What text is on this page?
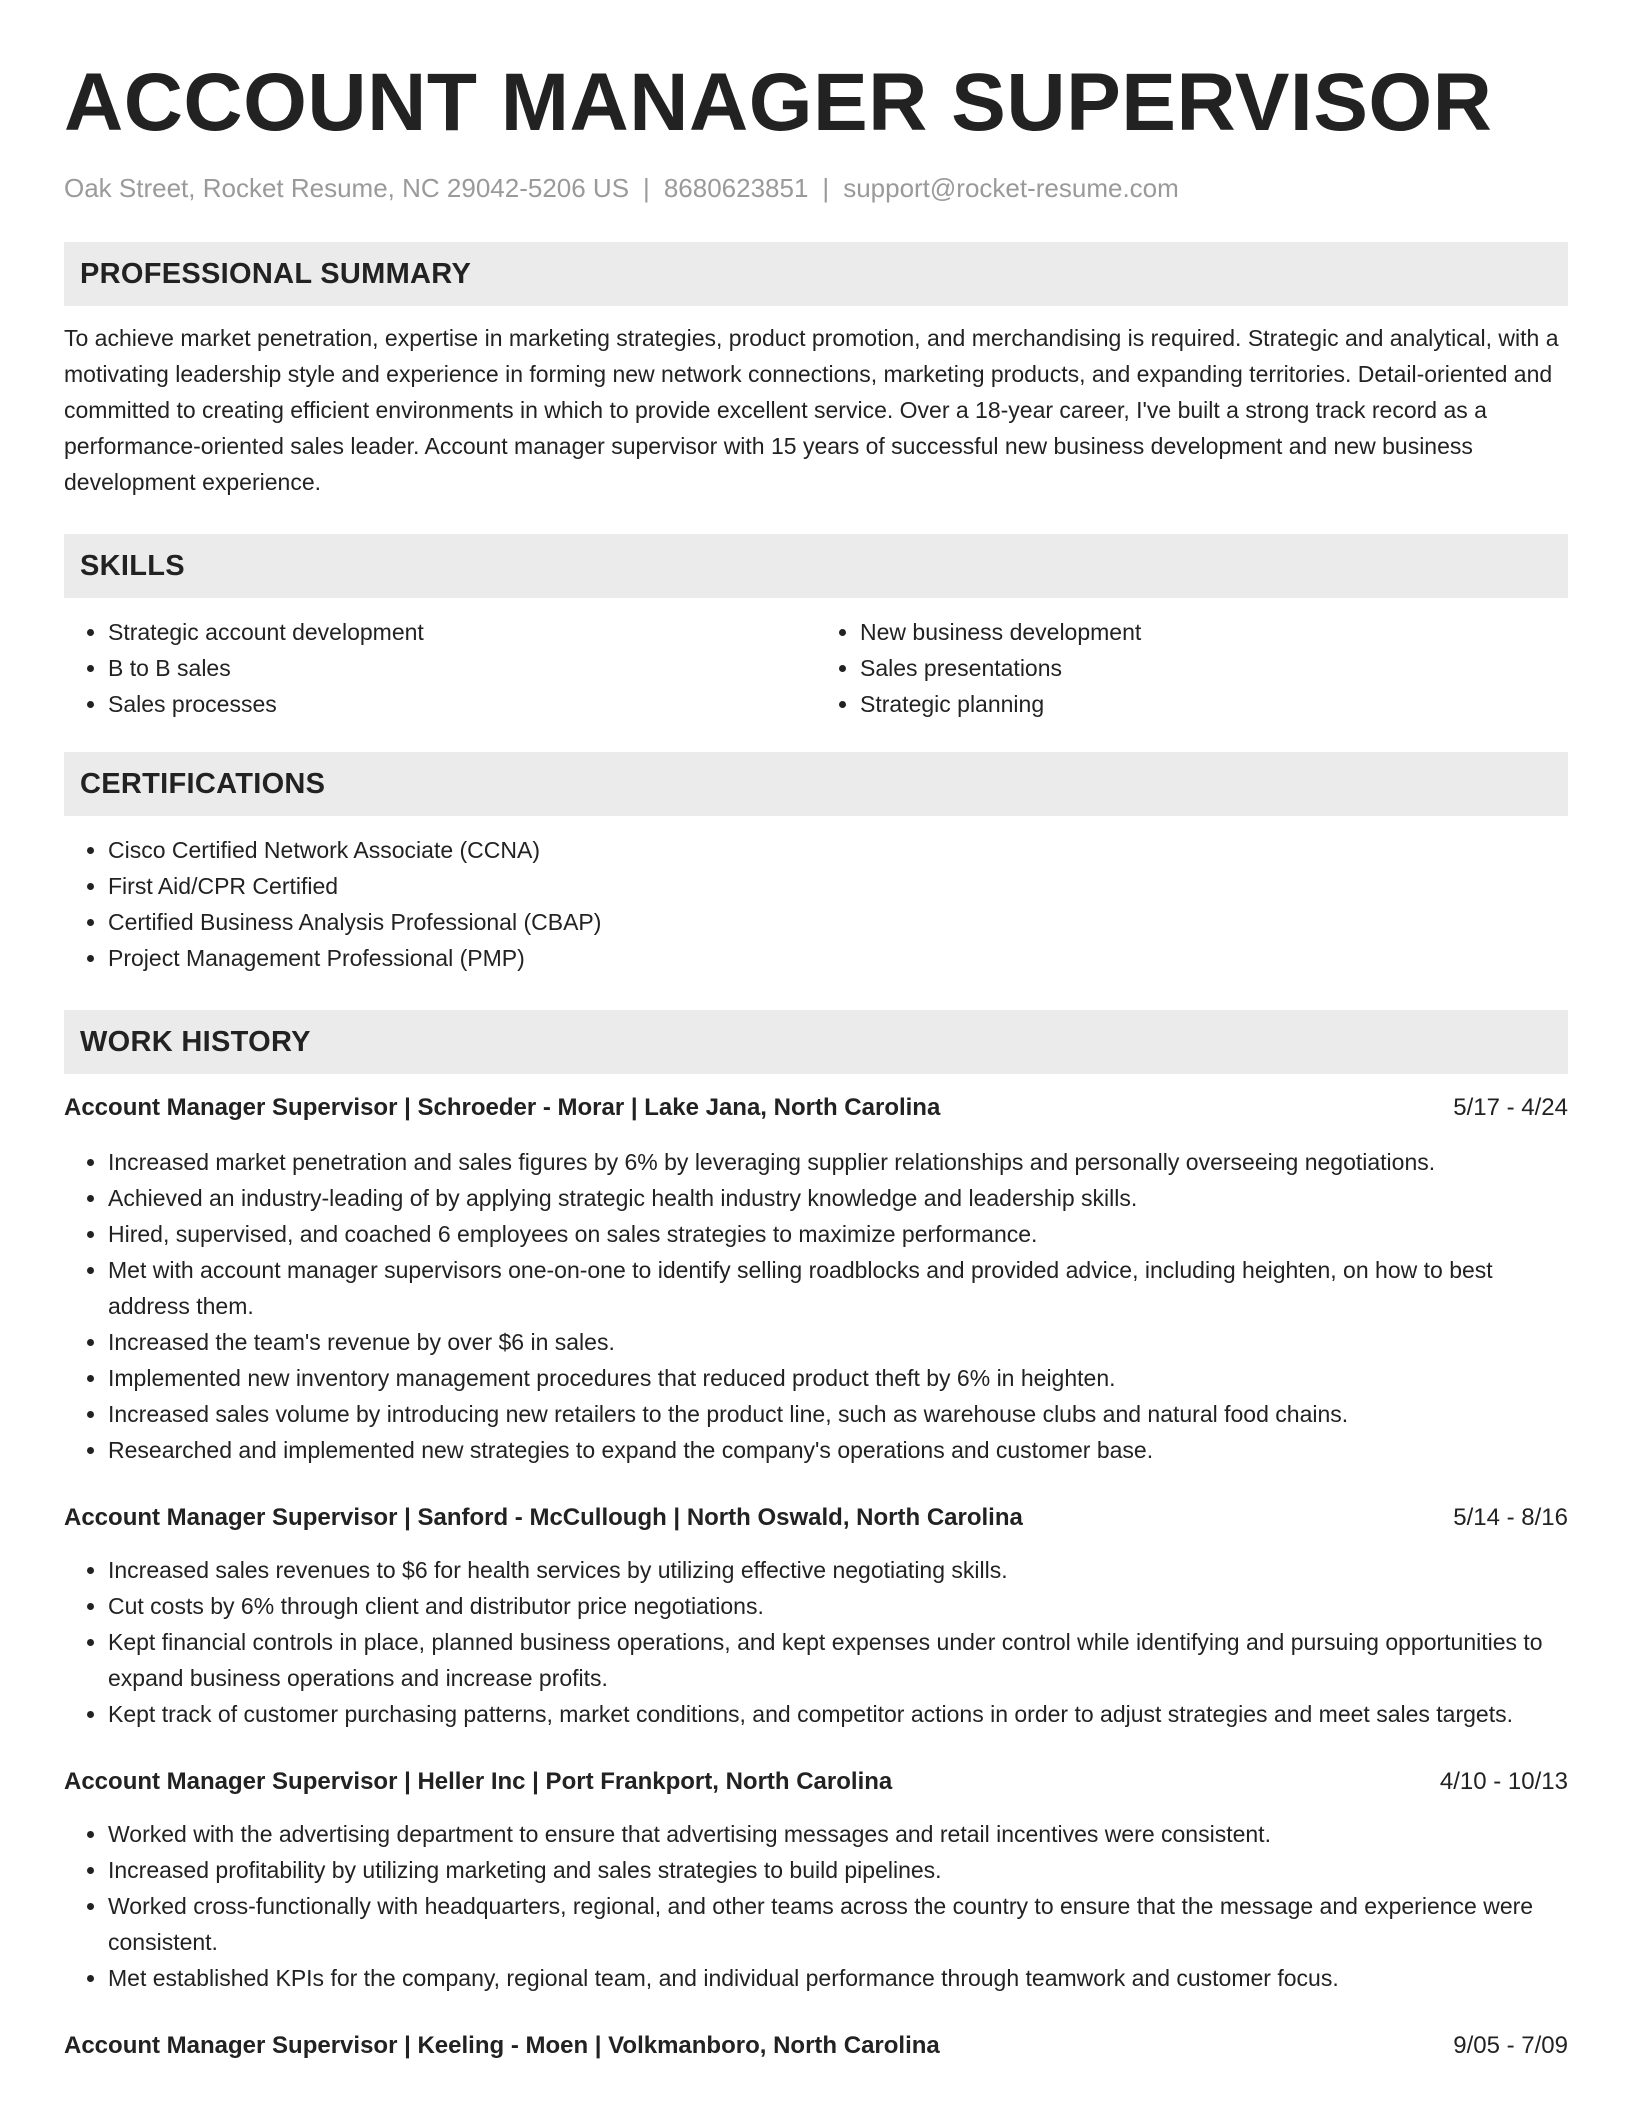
ACCOUNT MANAGER SUPERVISOR
Oak Street, Rocket Resume, NC 29042-5206 US | 8680623851 | support@rocket-resume.com
PROFESSIONAL SUMMARY

To achieve market penetration, expertise in marketing strategies, product promotion, and merchandising is required. Strategic and analytical, with a motivating leadership style and experience in forming new network connections, marketing products, and expanding territories. Detail-oriented and committed to creating efficient environments in which to provide excellent service. Over a 18-year career, I've built a strong track record as a performance-oriented sales leader. Account manager supervisor with 15 years of successful new business development and new business development experience.

SKILLS
• Strategic account development
• B to B sales
• Sales processes
• New business development
• Sales presentations
• Strategic planning
CERTIFICATIONS
• Cisco Certified Network Associate (CCNA)
• First Aid/CPR Certified
• Certified Business Analysis Professional (CBAP)
• Project Management Professional (PMP)
WORK HISTORY
Account Manager Supervisor | Schroeder - Morar | Lake Jana, North Carolina	5/17 - 4/24
• Increased market penetration and sales figures by 6% by leveraging supplier relationships and personally overseeing negotiations.
• Achieved an industry-leading of by applying strategic health industry knowledge and leadership skills.
• Hired, supervised, and coached 6 employees on sales strategies to maximize performance.
• Met with account manager supervisors one-on-one to identify selling roadblocks and provided advice, including heighten, on how to best address them.
• Increased the team's revenue by over $6 in sales.
• Implemented new inventory management procedures that reduced product theft by 6% in heighten.
• Increased sales volume by introducing new retailers to the product line, such as warehouse clubs and natural food chains.
• Researched and implemented new strategies to expand the company's operations and customer base.
Account Manager Supervisor | Sanford - McCullough | North Oswald, North Carolina	5/14 - 8/16
• Increased sales revenues to $6 for health services by utilizing effective negotiating skills.
• Cut costs by 6% through client and distributor price negotiations.
• Kept financial controls in place, planned business operations, and kept expenses under control while identifying and pursuing opportunities to expand business operations and increase profits.
• Kept track of customer purchasing patterns, market conditions, and competitor actions in order to adjust strategies and meet sales targets.
Account Manager Supervisor | Heller Inc | Port Frankport, North Carolina	4/10 - 10/13
• Worked with the advertising department to ensure that advertising messages and retail incentives were consistent.
• Increased profitability by utilizing marketing and sales strategies to build pipelines.
• Worked cross-functionally with headquarters, regional, and other teams across the country to ensure that the message and experience were consistent.
• Met established KPIs for the company, regional team, and individual performance through teamwork and customer focus.
Account Manager Supervisor | Keeling - Moen | Volkmanboro, North Carolina	9/05 - 7/09
